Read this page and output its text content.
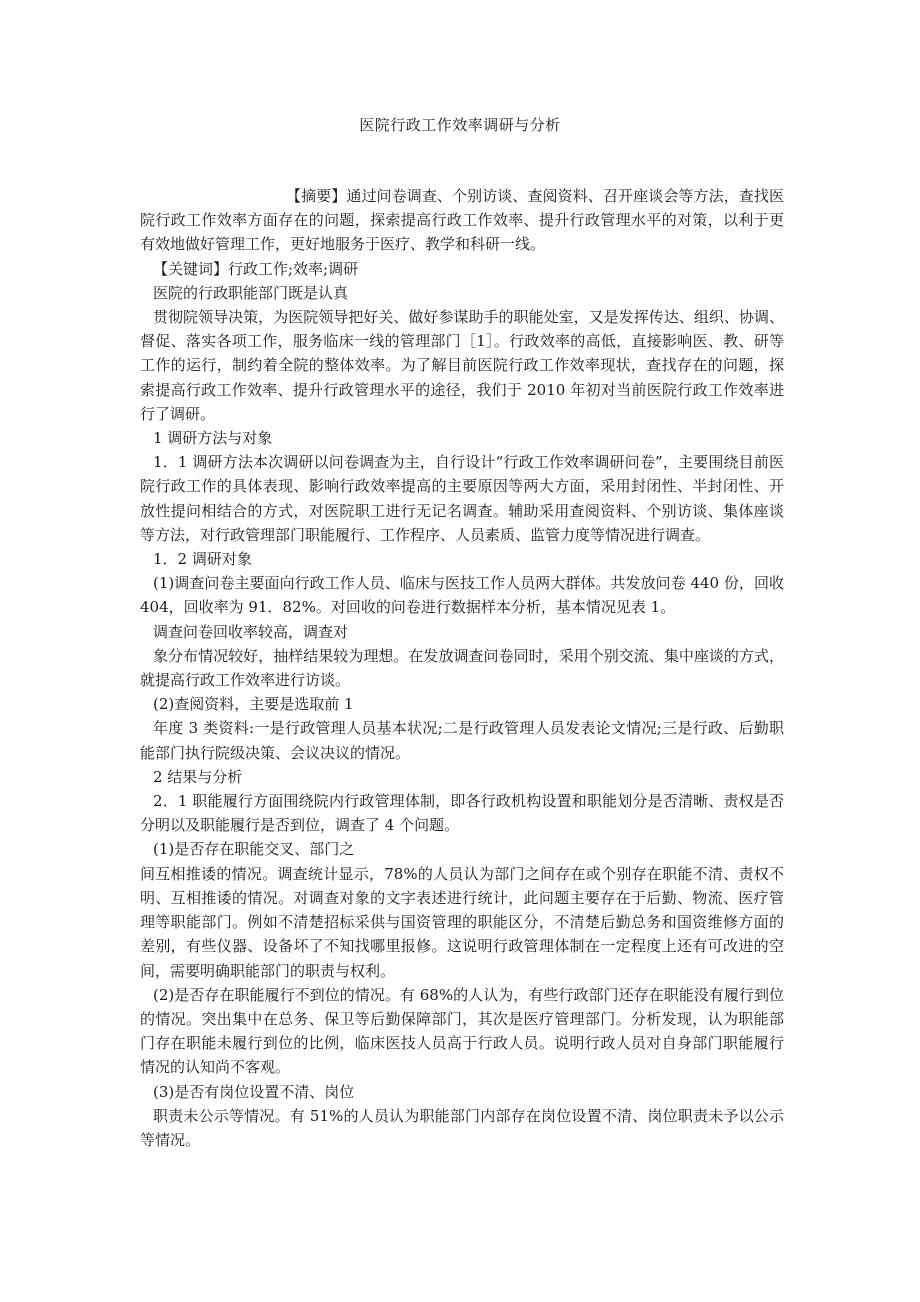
医院行政工作效率调研与分析

【摘要】通过问卷调查、个别访谈、查阅资料、召开座谈会等方法，查找医院行政工作效率方面存在的问题，探索提高行政工作效率、提升行政管理水平的对策，以利于更有效地做好管理工作，更好地服务于医疗、教学和科研一线。

【关键词】行政工作;效率;调研

医院的行政职能部门既是认真

贯彻院领导决策，为医院领导把好关、做好参谋助手的职能处室，又是发挥传达、组织、协调、督促、落实各项工作，服务临床一线的管理部门［1］。行政效率的高低，直接影响医、教、研等工作的运行，制约着全院的整体效率。为了解目前医院行政工作效率现状，查找存在的问题，探索提高行政工作效率、提升行政管理水平的途径，我们于 2010 年初对当前医院行政工作效率进行了调研。

1 调研方法与对象

1．1 调研方法本次调研以问卷调查为主，自行设计“行政工作效率调研问卷”，主要围绕目前医院行政工作的具体表现、影响行政效率提高的主要原因等两大方面，采用封闭性、半封闭性、开放性提问相结合的方式，对医院职工进行无记名调查。辅助采用查阅资料、个别访谈、集体座谈等方法，对行政管理部门职能履行、工作程序、人员素质、监管力度等情况进行调查。

1．2 调研对象

(1)调查问卷主要面向行政工作人员、临床与医技工作人员两大群体。共发放问卷 440 份，回收 404，回收率为 91．82%。对回收的问卷进行数据样本分析，基本情况见表 1。

调查问卷回收率较高，调查对

象分布情况较好，抽样结果较为理想。在发放调查问卷同时，采用个别交流、集中座谈的方式，就提高行政工作效率进行访谈。

(2)查阅资料，主要是选取前 1

年度 3 类资料:一是行政管理人员基本状况;二是行政管理人员发表论文情况;三是行政、后勤职能部门执行院级决策、会议决议的情况。

2 结果与分析

2．1 职能履行方面围绕院内行政管理体制，即各行政机构设置和职能划分是否清晰、责权是否分明以及职能履行是否到位，调查了 4 个问题。

(1)是否存在职能交叉、部门之

间互相推诿的情况。调查统计显示，78%的人员认为部门之间存在或个别存在职能不清、责权不明、互相推诿的情况。对调查对象的文字表述进行统计，此问题主要存在于后勤、物流、医疗管理等职能部门。例如不清楚招标采供与国资管理的职能区分，不清楚后勤总务和国资维修方面的差别，有些仪器、设备坏了不知找哪里报修。这说明行政管理体制在一定程度上还有可改进的空间，需要明确职能部门的职责与权利。

(2)是否存在职能履行不到位的情况。有 68%的人认为，有些行政部门还存在职能没有履行到位的情况。突出集中在总务、保卫等后勤保障部门，其次是医疗管理部门。分析发现，认为职能部门存在职能未履行到位的比例，临床医技人员高于行政人员。说明行政人员对自身部门职能履行情况的认知尚不客观。

(3)是否有岗位设置不清、岗位

职责未公示等情况。有 51%的人员认为职能部门内部存在岗位设置不清、岗位职责未予以公示等情况。
